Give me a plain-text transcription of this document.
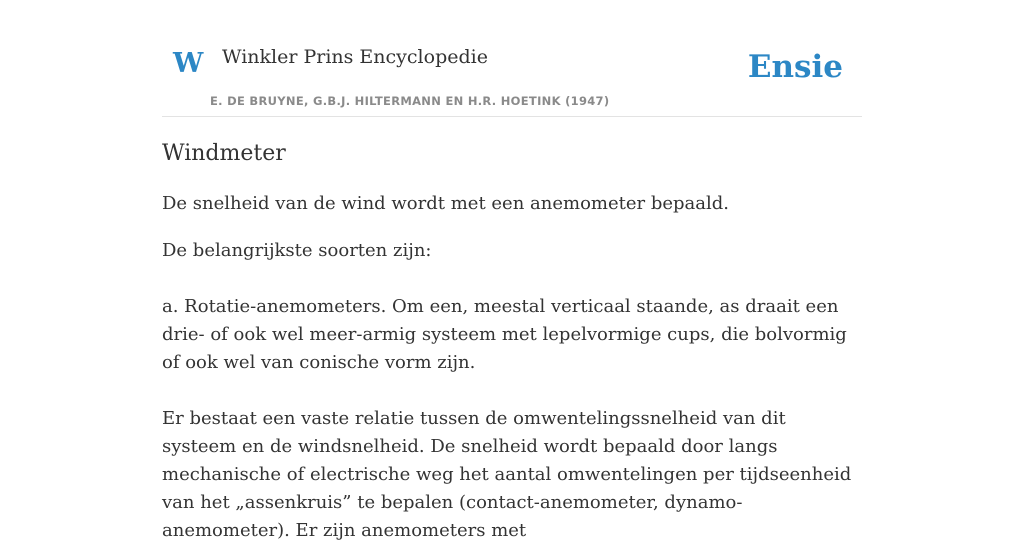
W Winkler Prins Encyclopedie
E. DE BRUYNE, G.B.J. HILTERMANN EN H.R. HOETINK (1947)
Ensie
Windmeter

De snelheid van de wind wordt met een anemometer bepaald.

De belangrijkste soorten zijn:

a. Rotatie-anemometers. Om een, meestal verticaal staande, as draait een drie- of ook wel meer-armig systeem met lepelvormige cups, die bolvormig of ook wel van conische vorm zijn.

Er bestaat een vaste relatie tussen de omwentelingssnelheid van dit systeem en de windsnelheid. De snelheid wordt bepaald door langs mechanische of electrische weg het aantal omwentelingen per tijdseenheid van het „assenkruis” te bepalen (contact-anemometer, dynamo-anemometer). Er zijn anemometers met
